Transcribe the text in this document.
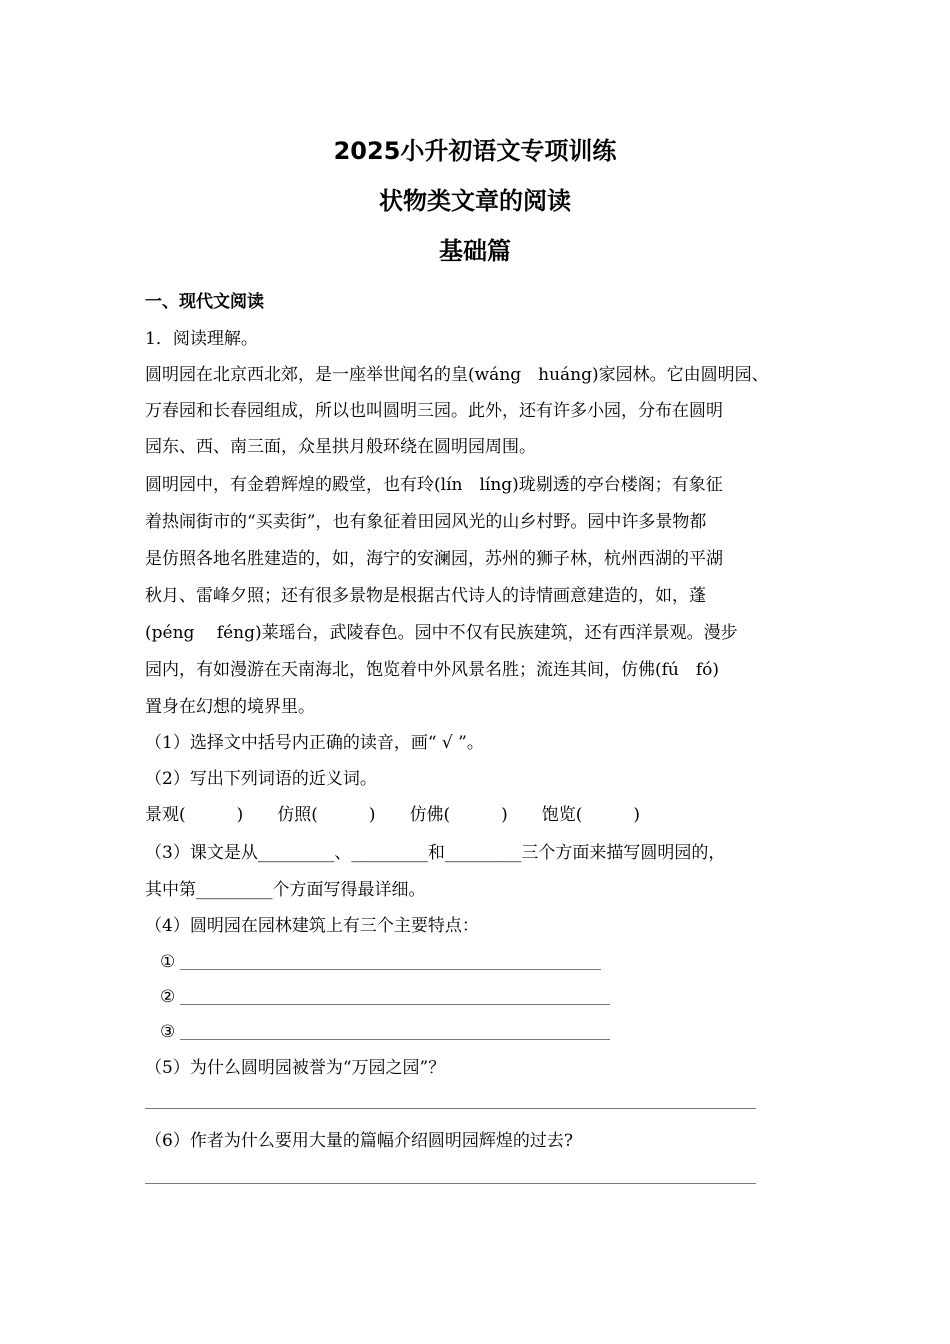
2025小升初语文专项训练
状物类文章的阅读
基础篇
一、现代文阅读
1．阅读理解。
圆明园在北京西北郊，是一座举世闻名的皇(wáng　huáng)家园林。它由圆明园、
万春园和长春园组成，所以也叫圆明三园。此外，还有许多小园，分布在圆明
园东、西、南三面，众星拱月般环绕在圆明园周围。
圆明园中，有金碧辉煌的殿堂，也有玲(lín　líng)珑剔透的亭台楼阁；有象征
着热闹街市的“买卖街”，也有象征着田园风光的山乡村野。园中许多景物都
是仿照各地名胜建造的，如，海宁的安澜园，苏州的狮子林，杭州西湖的平湖
秋月、雷峰夕照；还有很多景物是根据古代诗人的诗情画意建造的，如，蓬
(péng　 féng)莱瑶台，武陵春色。园中不仅有民族建筑，还有西洋景观。漫步
园内，有如漫游在天南海北，饱览着中外风景名胜；流连其间，仿佛(fú　fó)
置身在幻想的境界里。
（1）选择文中括号内正确的读音，画“ √ ”。
（2）写出下列词语的近义词。
景观(　　　)　　仿照(　　　)　　仿佛(　　　)　　饱览(　　　)
（3）课文是从_________、_________和_________三个方面来描写圆明园的，
其中第_________个方面写得最详细。
（4）圆明园在园林建筑上有三个主要特点：
①
②
③
（5）为什么圆明园被誉为“万园之园”？
（6）作者为什么要用大量的篇幅介绍圆明园辉煌的过去?
